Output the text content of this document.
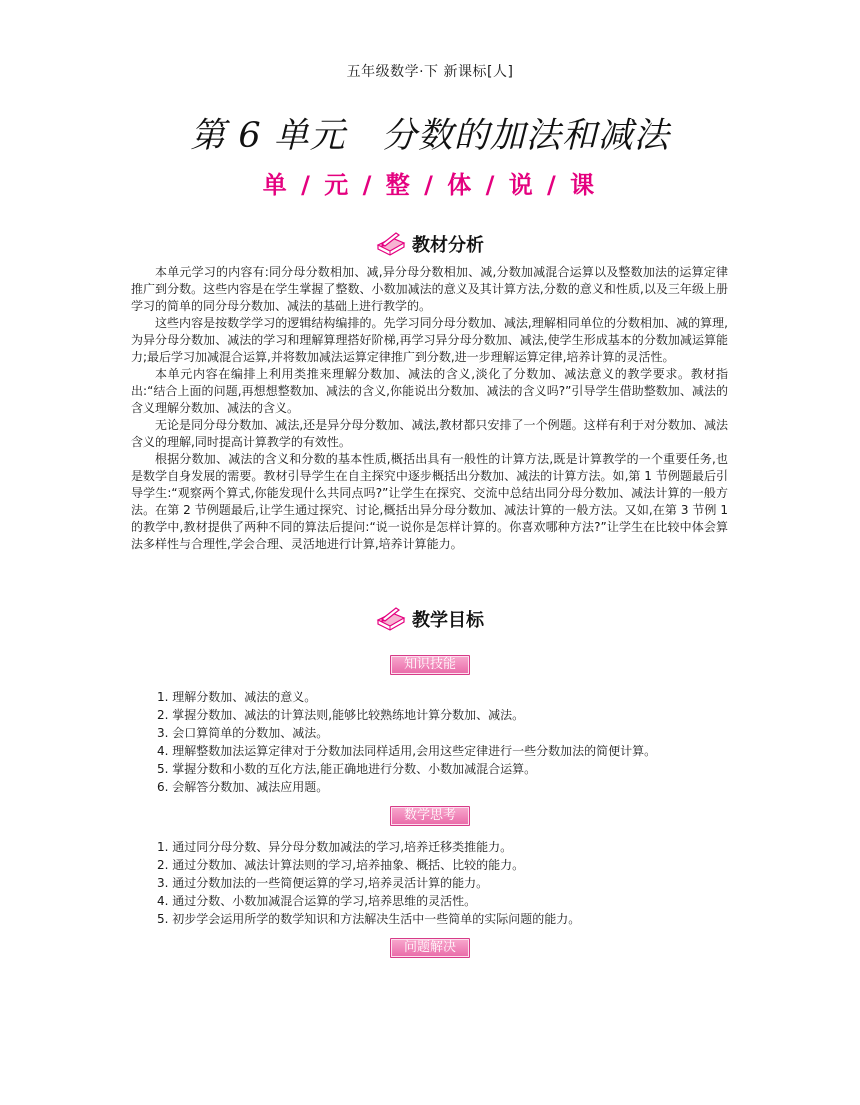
五年级数学·下 新课标[人]
第 6 单元　分数的加法和减法
单 / 元 / 整 / 体 / 说 / 课
教材分析

本单元学习的内容有:同分母分数相加、减,异分母分数相加、减,分数加减混合运算以及整数加法的运算定律推广到分数。这些内容是在学生掌握了整数、小数加减法的意义及其计算方法,分数的意义和性质,以及三年级上册学习的简单的同分母分数加、减法的基础上进行教学的。

这些内容是按数学学习的逻辑结构编排的。先学习同分母分数加、减法,理解相同单位的分数相加、减的算理,为异分母分数加、减法的学习和理解算理搭好阶梯,再学习异分母分数加、减法,使学生形成基本的分数加减运算能力;最后学习加减混合运算,并将数加减法运算定律推广到分数,进一步理解运算定律,培养计算的灵活性。

本单元内容在编排上利用类推来理解分数加、减法的含义,淡化了分数加、减法意义的教学要求。教材指出:“结合上面的问题,再想想整数加、减法的含义,你能说出分数加、减法的含义吗?”引导学生借助整数加、减法的含义理解分数加、减法的含义。

无论是同分母分数加、减法,还是异分母分数加、减法,教材都只安排了一个例题。这样有利于对分数加、减法含义的理解,同时提高计算教学的有效性。

根据分数加、减法的含义和分数的基本性质,概括出具有一般性的计算方法,既是计算教学的一个重要任务,也是数学自身发展的需要。教材引导学生在自主探究中逐步概括出分数加、减法的计算方法。如,第 1 节例题最后引导学生:“观察两个算式,你能发现什么共同点吗?”让学生在探究、交流中总结出同分母分数加、减法计算的一般方法。在第 2 节例题最后,让学生通过探究、讨论,概括出异分母分数加、减法计算的一般方法。又如,在第 3 节例 1 的教学中,教材提供了两种不同的算法后提问:“说一说你是怎样计算的。你喜欢哪种方法?”让学生在比较中体会算法多样性与合理性,学会合理、灵活地进行计算,培养计算能力。

教学目标
知识技能
1. 理解分数加、减法的意义。
2. 掌握分数加、减法的计算法则,能够比较熟练地计算分数加、减法。
3. 会口算简单的分数加、减法。
4. 理解整数加法运算定律对于分数加法同样适用,会用这些定律进行一些分数加法的简便计算。
5. 掌握分数和小数的互化方法,能正确地进行分数、小数加减混合运算。
6. 会解答分数加、减法应用题。
数学思考
1. 通过同分母分数、异分母分数加减法的学习,培养迁移类推能力。
2. 通过分数加、减法计算法则的学习,培养抽象、概括、比较的能力。
3. 通过分数加法的一些简便运算的学习,培养灵活计算的能力。
4. 通过分数、小数加减混合运算的学习,培养思维的灵活性。
5. 初步学会运用所学的数学知识和方法解决生活中一些简单的实际问题的能力。
问题解决
